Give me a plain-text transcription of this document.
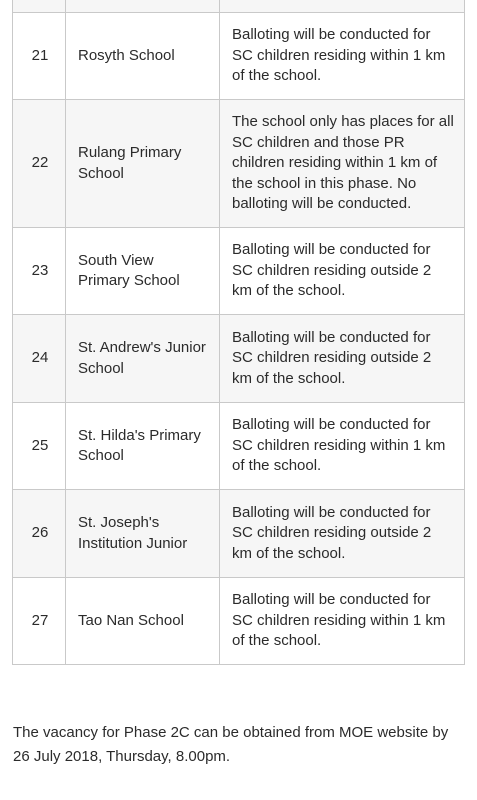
21	Rosyth School	Balloting will be conducted for SC children residing within 1 km of the school.
22	Rulang Primary School	The school only has places for all SC children and those PR children residing within 1 km of the school in this phase. No balloting will be conducted.
23	South View Primary School	Balloting will be conducted for SC children residing outside 2 km of the school.
24	St. Andrew's Junior School	Balloting will be conducted for SC children residing outside 2 km of the school.
25	St. Hilda's Primary School	Balloting will be conducted for SC children residing within 1 km of the school.
26	St. Joseph's Institution Junior	Balloting will be conducted for SC children residing outside 2 km of the school.
27	Tao Nan School	Balloting will be conducted for SC children residing within 1 km of the school.

The vacancy for Phase 2C can be obtained from MOE website by 26 July 2018, Thursday, 8.00pm.
